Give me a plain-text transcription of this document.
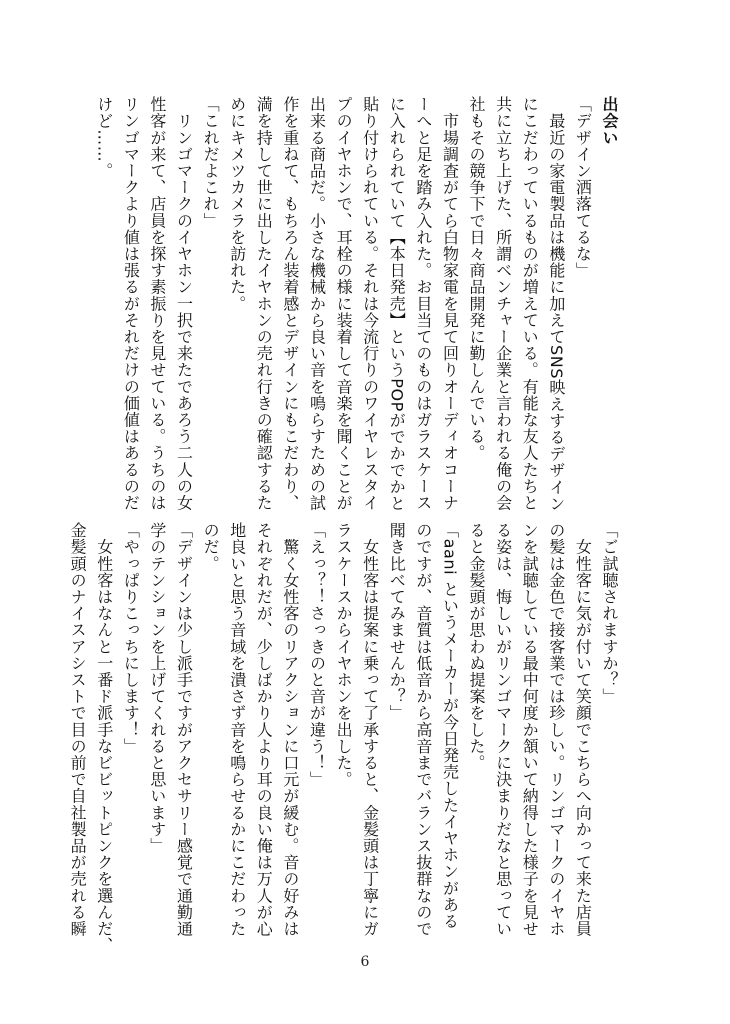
出会い
「デザイン洒落てるな」
　最近の家電製品は機能に加えてSNS映えするデザイン
にこだわっているものが増えている。有能な友人たちと
共に立ち上げた、所謂ベンチャー企業と言われる俺の会
社もその競争下で日々商品開発に勤しんでいる。
　市場調査がてら白物家電を見て回りオーディオコーナ
ーへと足を踏み入れた。お目当てのものはガラスケース
に入れられていて【本日発売】というPOPがでかでかと
貼り付けられている。それは今流行りのワイヤレスタイ
プのイヤホンで、耳栓の様に装着して音楽を聞くことが
出来る商品だ。小さな機械から良い音を鳴らすための試
作を重ねて、もちろん装着感とデザインにもこだわり、
満を持して世に出したイヤホンの売れ行きの確認するた
めにキメツカメラを訪れた。
「これだよこれ」
　リンゴマークのイヤホン一択で来たであろう二人の女
性客が来て、店員を探す素振りを見せている。うちのは
リンゴマークより値は張るがそれだけの価値はあるのだ
けど……。
「ご試聴されますか？」
　女性客に気が付いて笑顔でこちらへ向かって来た店員
の髪は金色で接客業では珍しい。リンゴマークのイヤホ
ンを試聴している最中何度か頷いて納得した様子を見せ
る姿は、悔しいがリンゴマークに決まりだなと思ってい
ると金髪頭が思わぬ提案をした。
「aani というメーカーが今日発売したイヤホンがある
のですが、音質は低音から高音までバランス抜群なので
聞き比べてみませんか？」
　女性客は提案に乗って了承すると、金髪頭は丁寧にガ
ラスケースからイヤホンを出した。
「えっ？！さっきのと音が違う！」
　驚く女性客のリアクションに口元が緩む。音の好みは
それぞれだが、少しばかり人より耳の良い俺は万人が心
地良いと思う音域を潰さず音を鳴らせるかにこだわった
のだ。
「デザインは少し派手ですがアクセサリー感覚で通勤通
学のテンションを上げてくれると思います」
「やっぱりこっちにします！」
　女性客はなんと一番ド派手なビビットピンクを選んだ、
金髪頭のナイスアシストで目の前で自社製品が売れる瞬
6
